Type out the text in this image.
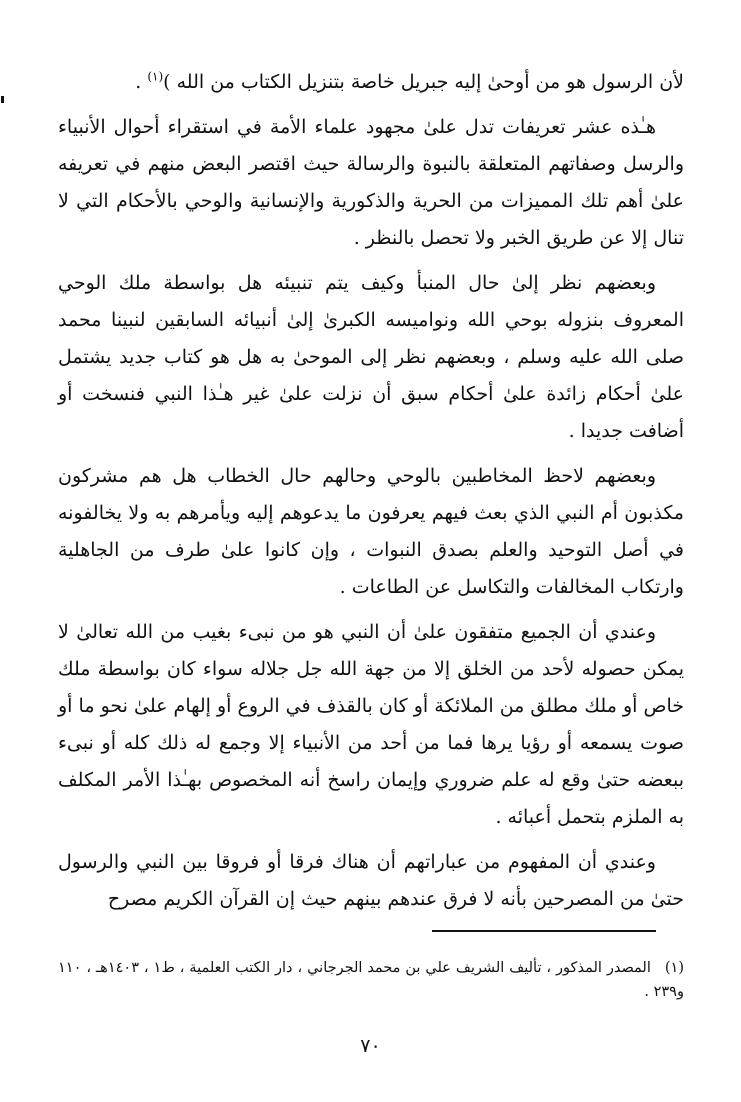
لأن الرسول هو من أوحىٰ إليه جبريل خاصة بتنزيل الكتاب من الله )$^{(١)}$ .

هـٰذه عشر تعريفات تدل علىٰ مجهود علماء الأمة في استقراء أحوال الأنبياء والرسل وصفاتهم المتعلقة بالنبوة والرسالة حيث اقتصر البعض منهم في تعريفه علىٰ أهم تلك المميزات من الحرية والذكورية والإنسانية والوحي بالأحكام التي لا تنال إلا عن طريق الخبر ولا تحصل بالنظر .

وبعضهم نظر إلىٰ حال المنبأ وكيف يتم تنبيئه هل بواسطة ملك الوحي المعروف بنزوله بوحي الله ونواميسه الكبرىٰ إلىٰ أنبيائه السابقين لنبينا محمد صلى الله عليه وسلم ، وبعضهم نظر إلى الموحىٰ به هل هو كتاب جديد يشتمل علىٰ أحكام زائدة علىٰ أحكام سبق أن نزلت علىٰ غير هـٰذا النبي فنسخت أو أضافت جديدا .

وبعضهم لاحظ المخاطبين بالوحي وحالهم حال الخطاب هل هم مشركون مكذبون أم النبي الذي بعث فيهم يعرفون ما يدعوهم إليه ويأمرهم به ولا يخالفونه في أصل التوحيد والعلم بصدق النبوات ، وإن كانوا علىٰ طرف من الجاهلية وارتكاب المخالفات والتكاسل عن الطاعات .

وعندي أن الجميع متفقون علىٰ أن النبي هو من نبىء بغيب من الله تعالىٰ لا يمكن حصوله لأحد من الخلق إلا من جهة الله جل جلاله سواء كان بواسطة ملك خاص أو ملك مطلق من الملائكة أو كان بالقذف في الروع أو إلهام علىٰ نحو ما أو صوت يسمعه أو رؤيا يرها فما من أحد من الأنبياء إلا وجمع له ذلك كله أو نبىء ببعضه حتىٰ وقع له علم ضروري وإيمان راسخ أنه المخصوص بهـٰذا الأمر المكلف به الملزم بتحمل أعبائه .

وعندي أن المفهوم من عباراتهم أن هناك فرقا أو فروقا بين النبي والرسول حتىٰ من المصرحين بأنه لا فرق عندهم بينهم حيث إن القرآن الكريم مصرح

(١)المصدر المذكور ، تأليف الشريف علي بن محمد الجرجاني ، دار الكتب العلمية ، ط١ ، ١٤٠٣هـ ، ١١٠ و٢٣٩ .
٧٠
